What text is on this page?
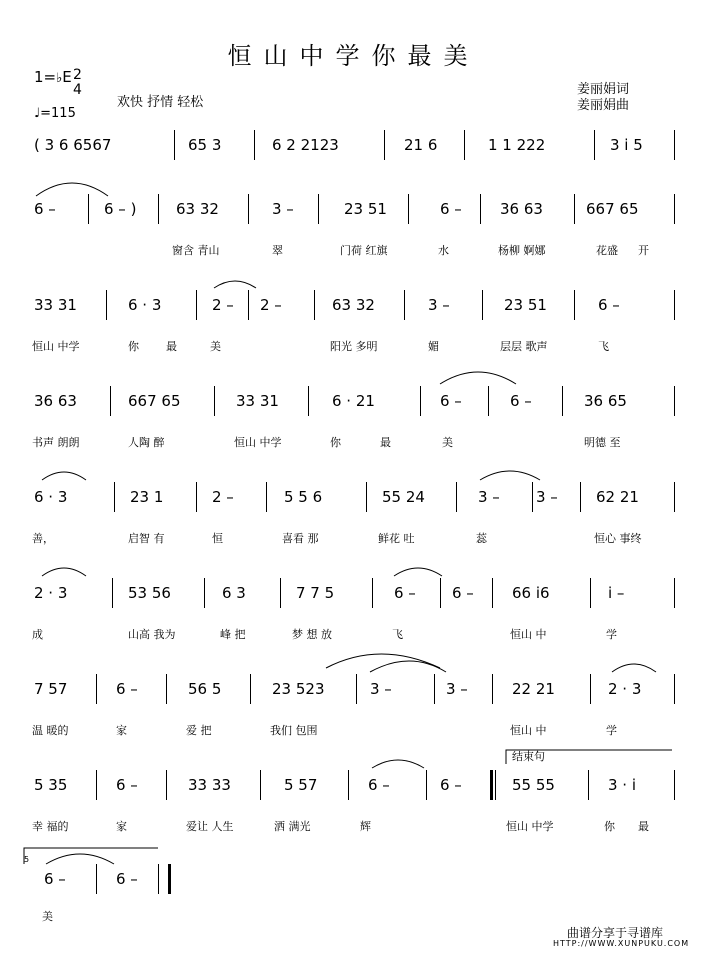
恒山中学你最美
1=♭E 2
4
♩=115
欢快 抒情 轻松
姜丽娟词
姜丽娟曲
( 3 6 6567	65 3	6 2 2123	21 6	1 1 222	3 i 5
6 –	6 – )	63 32	3 –	23 51	6 –	36 63	667 65
窗含 青山	翠	门荷 红旗	水	杨柳 婀娜	花盛 开
33 31	6 · 3	2 – 2 –	63 32	3 –	23 51	6 –
恒山 中学	你 最	美	阳光 多明	媚	层层 歌声	飞
36 63	667 65	33 31	6 · 21	6 –	6 –	36 65
书声 朗朗	人陶 醉	恒山 中学	你	最	美	明德 至
6 · 3	23 1	2 –	5 5 6	55 24	3 – 3 –	62 21
善，	启智 有	恒	喜看 那	鲜花 吐	蕊	恒心 事终
2 · 3	53 56	6 3	7 7 5	6 – 6 –	66 i6	i –
成	山高 我为	峰 把	梦 想 放	飞	恒山 中	学
7 57	6 –	56 5	23 523	3 –	3 –	22 21	2 · 3
温 暖的	家	爱 把	我们 包围	恒山 中	学
5 35	6 –	33 33	5 57	6 –	6 –	55 55	3 · i
幸 福的	家	爱让 人生	洒 满光	辉	恒山 中学	你 最
结束句
6 –	6 –
美
5
曲谱分享于寻谱库
HTTP://WWW.XUNPUKU.COM
